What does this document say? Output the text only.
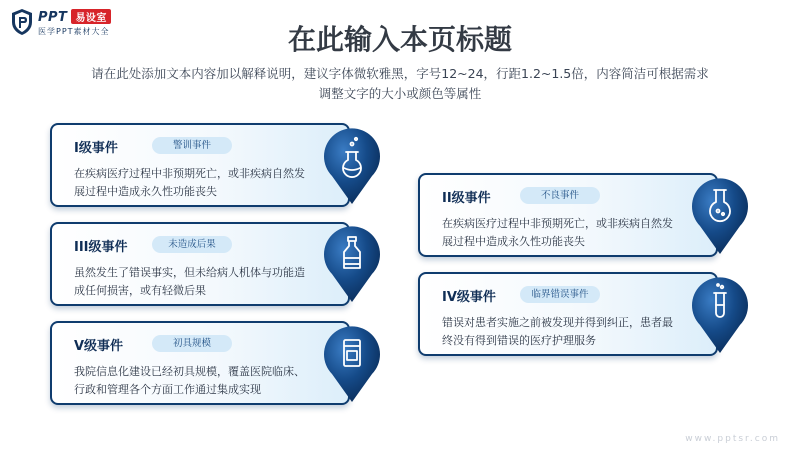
PPT 易设室
医学PPT素材大全	在此输入本页标题
请在此处添加文本内容加以解释说明，建议字体微软雅黑，字号12~24，行距1.2~1.5倍，内容简洁可根据需求调整文字的大小或颜色等属性
I级事件	警训事件
在疾病医疗过程中非预期死亡，或非疾病自然发展过程中造成永久性功能丧失
III级事件	未造成后果
虽然发生了错误事实，但未给病人机体与功能造成任何损害，或有轻微后果
V级事件	初具规模
我院信息化建设已经初具规模，覆盖医院临床、行政和管理各个方面工作通过集成实现
II级事件	不良事件
在疾病医疗过程中非预期死亡，或非疾病自然发展过程中造成永久性功能丧失
IV级事件	临界错误事件
错误对患者实施之前被发现并得到纠正，患者最终没有得到错误的医疗护理服务
www.pptsr.com
